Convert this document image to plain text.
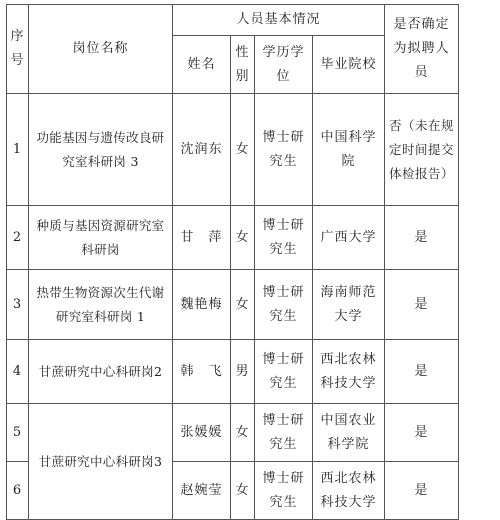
序号	岗位名称	人员基本情况				是否确定为拟聘人员
		姓名	性别	学历学位	毕业院校	
1	功能基因与遗传改良研究室科研岗 3	沈润东	女	博士研究生	中国科学院	否（未在规定时间提交体检报告）
2	种质与基因资源研究室科研岗	甘　萍	女	博士研究生	广西大学	是
3	热带生物资源次生代谢研究室科研岗 1	魏艳梅	女	博士研究生	海南师范大学	是
4	甘蔗研究中心科研岗2	韩　飞	男	博士研究生	西北农林科技大学	是
5	甘蔗研究中心科研岗3	张媛媛	女	博士研究生	中国农业科学院	是
6		赵婉莹	女	博士研究生	西北农林科技大学	是
